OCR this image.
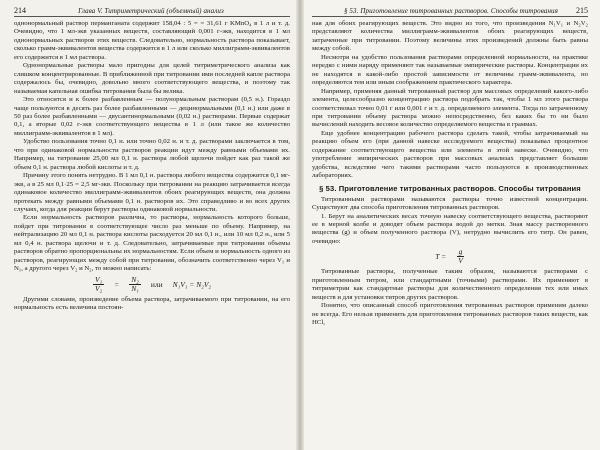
214	Глава V. Титриметрический (объемный) анализ

однонормальный раствор перманганата содержит 158,04 : 5 = = 31,61 г KMnO₄ в 1 л и т. д. Очевидно, что 1 мл-экв указанных веществ, составляющий 0,001 г-экв, находится в 1 мл однонормальных растворов этих веществ. Следовательно, нормальность раствора показывает, сколько грамм-эквивалентов вещества содержится в 1 л или сколько миллиграмм-эквивалентов его содержится в 1 мл раствора.

Однонормальные растворы мало пригодны для целей титриметрического анализа как слишком концентрированные. В приближенной при титровании ими последней капле раствора содержалось бы, очевидно, довольно много соответствующего вещества, и поэтому так называемая капельная ошибка титрования была бы велика.

Это относится и к более разбавленным — полунормальным растворам (0,5 н.). Гораздо чаще пользуются в десять раз более разбавленными — децинормальными (0,1 н.) или даже в 50 раз более разбавленными — двусантинормальными (0,02 н.) растворами. Первые содержат 0,1, а вторые 0,02 г-экв соответствующего вещества в 1 л (или такое же количество миллиграмм-эквивалентов в 1 мл).

Удобство пользования точно 0,1 н. или точно 0,02 н. и т. д. растворами заключается в том, что при одинаковой нормальности растворов реакции идут между равными объемами их. Например, на титрование 25,00 мл 0,1 н. раствора любой щелочи пойдет как раз такой же объем 0,1 н. раствора любой кислоты и т. д.

Причину этого понять нетрудно. В 1 мл 0,1 н. раствора любого вещества содержится 0,1 мг-экв, а в 25 мл 0,1·25 = 2,5 мг-экв. Поскольку при титровании на реакцию затрачивается всегда одинаковое количество миллиграмм-эквивалентов обоих реагирующих веществ, она должна протекать между равными объемами 0,1 н. растворов их. Это справедливо и во всех других случаях, когда для реакции берут растворы одинаковой нормальности.

Если нормальность растворов различна, то растворы, нормальность которого больше, пойдет при титровании в соответствующее число раз меньше по объему. Например, на нейтрализацию 20 мл 0,1 н. раствора кислоты расходуется 20 мл 0,1 н., или 10 мл 0,2 н., или 5 мл 0,4 н. раствора щелочи и т. д. Следовательно, затрачиваемые при титровании объемы растворов обратно пропорциональны их нормальностям. Если объем и нормальность одного из растворов, реагирующих между собой при титровании, обозначить соответственно через V₁ и N₁, а другого через V₂ и N₂, то можно написать:

$\frac{\text{V₁}}{\text{V₂}} = \frac{\text{N₂}}{\text{N₁}}$ или N₁V₁ = N₂V₂

Другими словами, произведение объема раствора, затрачиваемого при титровании, на его нормальность есть величина постоян-

§ 53. Приготовление титрованных растворов. Способы титрования 215

ная для обоих реагирующих веществ. Это видно из того, что произведения N₁V₁ и N₂V₂ представляют количества миллиграмм-эквивалентов обоих реагирующих веществ, затраченные при титровании. Поэтому величины этих произведений должны быть равны между собой.

Несмотря на удобство пользования растворами определенной нормальности, на практике нередко с ними наряду применяют так называемые эмпирические растворы. Концентрации их не находятся в какой-либо простой зависимости от величины грамм-эквивалента, но определяются тем или иным соображением практического характера.

Например, применяя данный титрованный раствор для массовых определений какого-либо элемента, целесообразно концентрацию раствора подобрать так, чтобы 1 мл этого раствора соответствовал точно 0,01 г или 0,001 г и т. д. определяемого элемента. Тогда по затраченному при титровании объему раствора можно непосредственно, без каких бы то ни было вычислений находить весовое количество определяемого вещества в граммах.

Еще удобнее концентрацию рабочего раствора сделать такой, чтобы затрачиваемый на реакцию объем его (при данной навеске исследуемого вещества) показывал процентное содержание соответствующего вещества или элемента в этой навеске. Очевидно, что употребление эмпирических растворов при массовых анализах представляет большие удобства, вследствие чего такими растворами часто пользуются в производственных лабораториях.

§ 53. Приготовление титрованных растворов. Способы титрования

Титрованными растворами называются растворы точно известной концентрации. Существуют два способа приготовления титрованных растворов.

1. Берут на аналитических весах точную навеску соответствующего вещества, растворяют ее в мерной колбе и доводят объем раствора водой до метки. Зная массу растворенного вещества (g) и объем полученного раствора (V), нетрудно вычислить его титр. Он равен, очевидно:

$T = \frac{g}{V}$

Титрованные растворы, полученные таким образом, называются растворами с приготовленным титром, или стандартными (точными) растворами. Их применяют в титриметрии как стандартные растворы для количественного определения тех или иных веществ и для установки титров других растворов.

Понятно, что описанный способ приготовления титрованных растворов применим далеко не всегда. Его нельзя применить для приготовления титрованных растворов таких веществ, как HCl,
